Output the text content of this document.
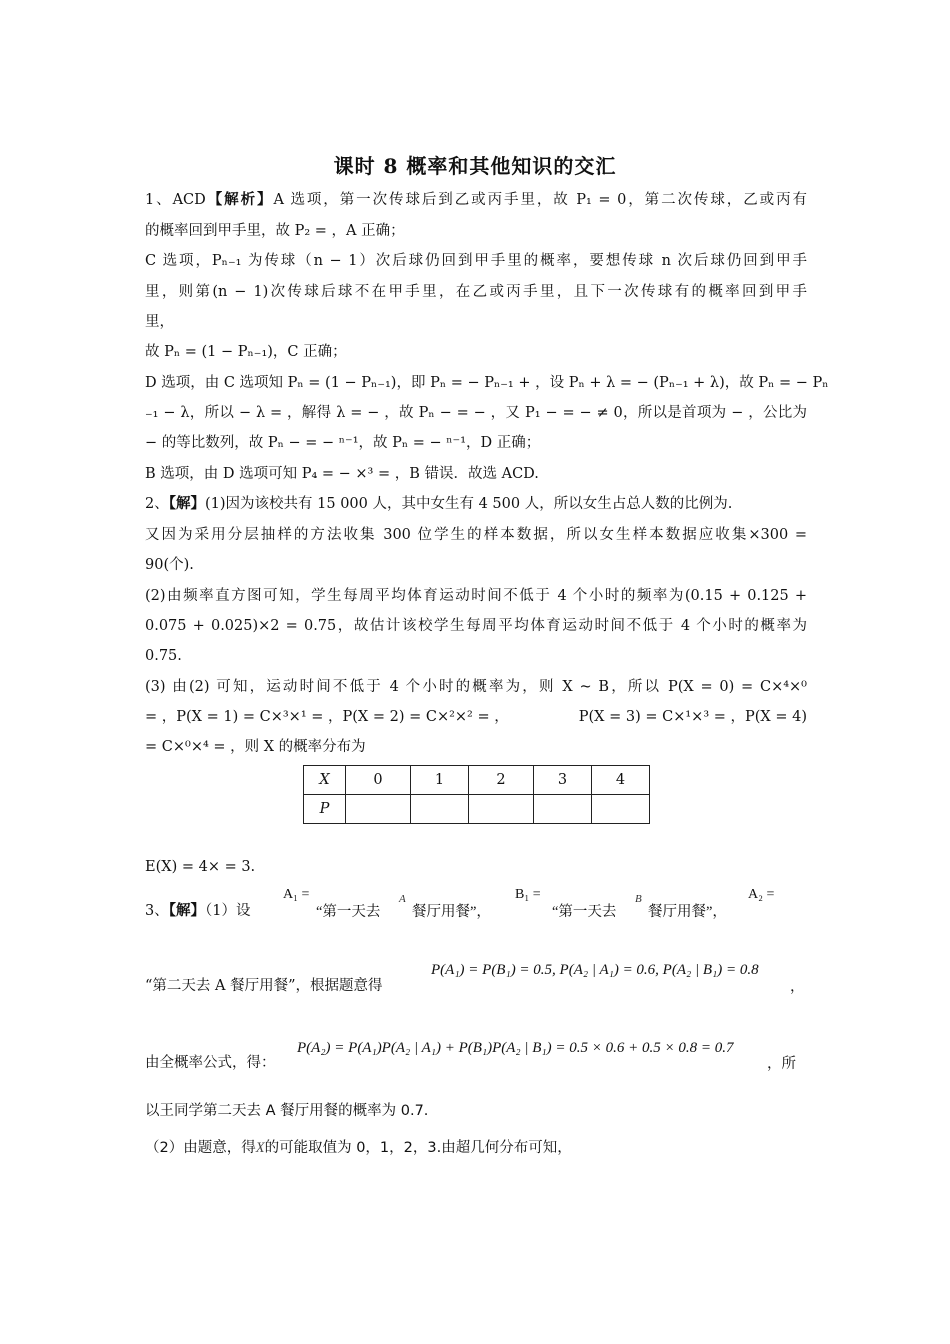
课时 8 概率和其他知识的交汇
1、ACD【解析】A 选项，第一次传球后到乙或丙手里，故 P₁ = 0，第二次传球，乙或丙有
的概率回到甲手里，故 P₂ = ，A 正确；
C 选项，Pₙ₋₁ 为传球（n − 1）次后球仍回到甲手里的概率，要想传球 n 次后球仍回到甲手
里，则第(n − 1)次传球后球不在甲手里，在乙或丙手里，且下一次传球有的概率回到甲手
里，
故 Pₙ = (1 − Pₙ₋₁)，C 正确；
D 选项，由 C 选项知 Pₙ = (1 − Pₙ₋₁)，即 Pₙ = − Pₙ₋₁ + ，设 Pₙ + λ = − (Pₙ₋₁ + λ)，故 Pₙ = − Pₙ
₋₁ − λ，所以 − λ = ，解得 λ = − ，故 Pₙ − = − ，又 P₁ − = − ≠ 0，所以是首项为 − ，公比为
− 的等比数列，故 Pₙ − = − ⁿ⁻¹，故 Pₙ = − ⁿ⁻¹，D 正确；
B 选项，由 D 选项可知 P₄ = − ×³ = ，B 错误．故选 ACD.
2、【解】(1)因为该校共有 15 000 人，其中女生有 4 500 人，所以女生占总人数的比例为.
又因为采用分层抽样的方法收集 300 位学生的样本数据，所以女生样本数据应收集×300 =
90(个).
(2)由频率直方图可知，学生每周平均体育运动时间不低于 4 个小时的频率为(0.15 + 0.125 +
0.075 + 0.025)×2 = 0.75，故估计该校学生每周平均体育运动时间不低于 4 个小时的概率为
0.75.
(3) 由(2) 可知，运动时间不低于 4 个小时的概率为，则 X ~ B，所以 P(X = 0) = C×⁴×⁰
= ，P(X = 1) = C×³×¹ = ，P(X = 2) = C×²×² = ，	P(X = 3) = C×¹×³ = ，P(X = 4)
= C×⁰×⁴ = ，则 X 的概率分布为
X	0	1	2	3	4
P					
E(X) = 4× = 3.
3、【解】（1）设
A₁ =
“第一天去
A
餐厅用餐”，
B₁ =
“第一天去
B
餐厅用餐”，
A₂ =
“第二天去 A 餐厅用餐”，根据题意得
P(A₁) = P(B₁) = 0.5, P(A₂ | A₁) = 0.6, P(A₂ | B₁) = 0.8
，
由全概率公式，得：
P(A₂) = P(A₁)P(A₂ | A₁) + P(B₁)P(A₂ | B₁) = 0.5 × 0.6 + 0.5 × 0.8 = 0.7
，所
以王同学第二天去 A 餐厅用餐的概率为 0.7.
（2）由题意，得X的可能取值为 0，1，2，3.由超几何分布可知，
